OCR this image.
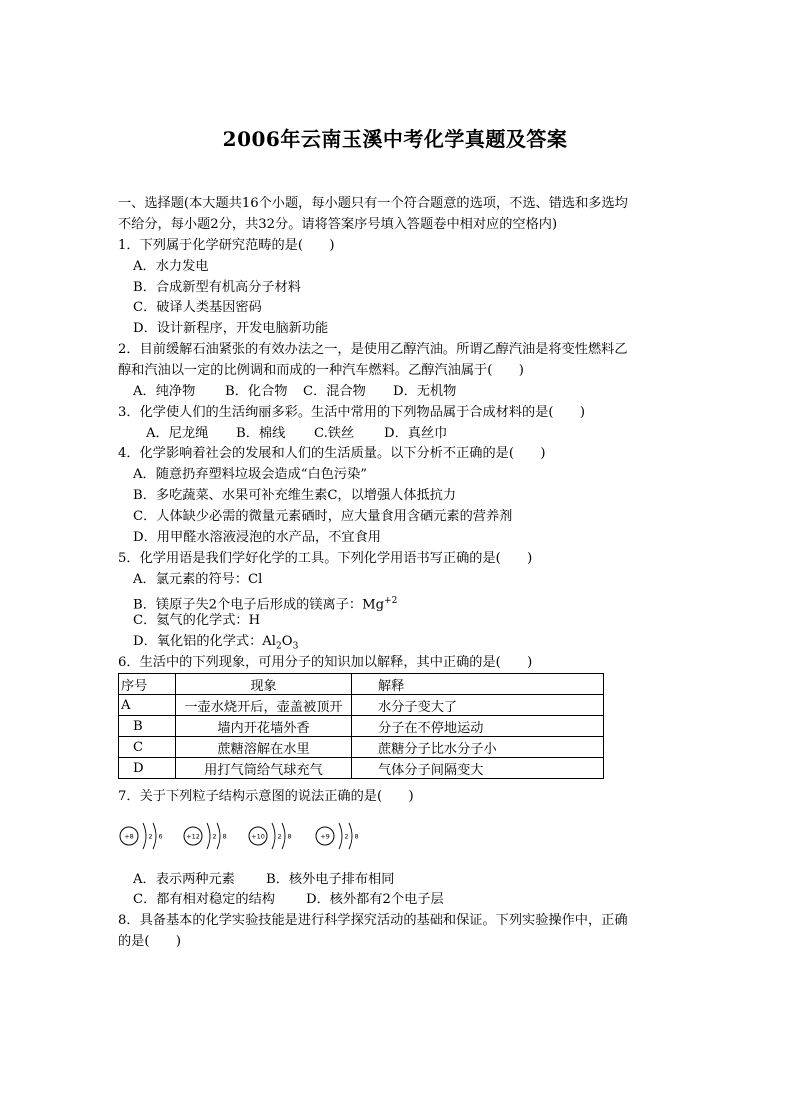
2006年云南玉溪中考化学真题及答案
一、选择题(本大题共16个小题，每小题只有一个符合题意的选项，不选、错选和多选均
不给分，每小题2分，共32分。请将答案序号填入答题卷中相对应的空格内)
1．下列属于化学研究范畴的是(　　)
A．水力发电
B．合成新型有机高分子材料
C．破译人类基因密码
D．设计新程序，开发电脑新功能
2．目前缓解石油紧张的有效办法之一，是使用乙醇汽油。所谓乙醇汽油是将变性燃料乙
醇和汽油以一定的比例调和而成的一种汽车燃料。乙醇汽油属于(　　)
A．纯净物 B．化合物 C．混合物 D．无机物
3．化学使人们的生活绚丽多彩。生活中常用的下列物品属于合成材料的是(　　)
A．尼龙绳 B．棉线 C.铁丝 D．真丝巾
4．化学影响着社会的发展和人们的生活质量。以下分析不正确的是(　　)
A．随意扔弃塑料垃圾会造成“白色污染”
B．多吃蔬菜、水果可补充维生素C，以增强人体抵抗力
C．人体缺少必需的微量元素硒时，应大量食用含硒元素的营养剂
D．用甲醛水溶液浸泡的水产品，不宜食用
5．化学用语是我们学好化学的工具。下列化学用语书写正确的是(　　)
A．氯元素的符号：Cl
B．镁原子失2个电子后形成的镁离子：$Mg^{+2}$
C．氦气的化学式：H
D．氧化铝的化学式：$Al_2O_3$
6．生活中的下列现象，可用分子的知识加以解释，其中正确的是(　　)
序号	现象	解释
A	一壶水烧开后，壶盖被顶开	水分子变大了
B	墙内开花墙外香	分子在不停地运动
C	蔗糖溶解在水里	蔗糖分子比水分子小
D	用打气筒给气球充气	气体分子间隔变大
7．关于下列粒子结构示意图的说法正确的是(　　)
+8 2 6	+12 2 8	+10 2 8	+9 2 8
A．表示两种元素 B．核外电子排布相同
C．都有相对稳定的结构 D．核外都有2个电子层
8．具备基本的化学实验技能是进行科学探究活动的基础和保证。下列实验操作中，正确
的是(　　)
